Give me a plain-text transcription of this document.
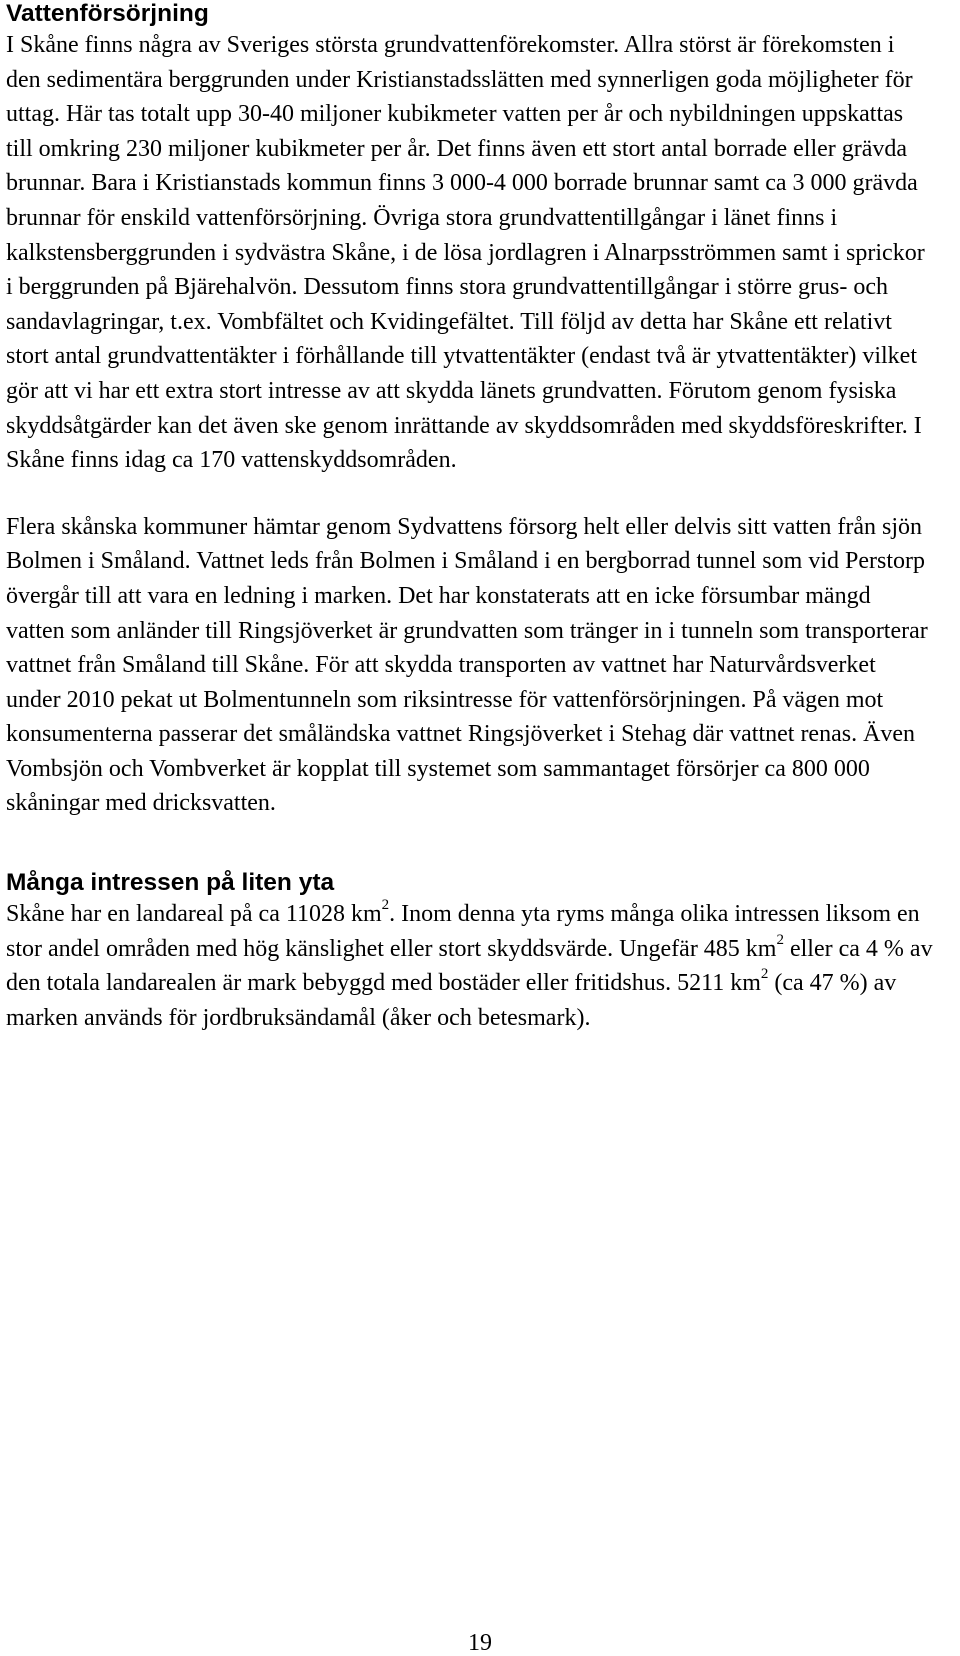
Vattenförsörjning

I Skåne finns några av Sveriges största grundvattenförekomster. Allra störst är förekomsten i den sedimentära berggrunden under Kristianstadsslätten med synnerligen goda möjligheter för uttag. Här tas totalt upp 30-40 miljoner kubikmeter vatten per år och nybildningen uppskattas till omkring 230 miljoner kubikmeter per år. Det finns även ett stort antal borrade eller grävda brunnar. Bara i Kristianstads kommun finns 3 000-4 000 borrade brunnar samt ca 3 000 grävda brunnar för enskild vattenförsörjning. Övriga stora grundvattentillgångar i länet finns i kalkstensberggrunden i sydvästra Skåne, i de lösa jordlagren i Alnarpsströmmen samt i sprickor i berggrunden på Bjärehalvön. Dessutom finns stora grundvattentillgångar i större grus- och sandavlagringar, t.ex. Vombfältet och Kvidingefältet. Till följd av detta har Skåne ett relativt stort antal grundvattentäkter i förhållande till ytvattentäkter (endast två är ytvattentäkter) vilket gör att vi har ett extra stort intresse av att skydda länets grundvatten. Förutom genom fysiska skyddsåtgärder kan det även ske genom inrättande av skyddsområden med skyddsföreskrifter. I Skåne finns idag ca 170 vattenskyddsområden.

Flera skånska kommuner hämtar genom Sydvattens försorg helt eller delvis sitt vatten från sjön Bolmen i Småland. Vattnet leds från Bolmen i Småland i en bergborrad tunnel som vid Perstorp övergår till att vara en ledning i marken. Det har konstaterats att en icke försumbar mängd vatten som anländer till Ringsjöverket är grundvatten som tränger in i tunneln som transporterar vattnet från Småland till Skåne. För att skydda transporten av vattnet har Naturvårdsverket under 2010 pekat ut Bolmentunneln som riksintresse för vattenförsörjningen. På vägen mot konsumenterna passerar det småländska vattnet Ringsjöverket i Stehag där vattnet renas. Även Vombsjön och Vombverket är kopplat till systemet som sammantaget försörjer ca 800 000 skåningar med dricksvatten.

Många intressen på liten yta

Skåne har en landareal på ca 11028 $km^2$. Inom denna yta ryms många olika intressen liksom en stor andel områden med hög känslighet eller stort skyddsvärde. Ungefär 485 $km^2$ eller ca 4 % av den totala landarealen är mark bebyggd med bostäder eller fritidshus. 5211 $km^2$ (ca 47 %) av marken används för jordbruksändamål (åker och betesmark).

19
